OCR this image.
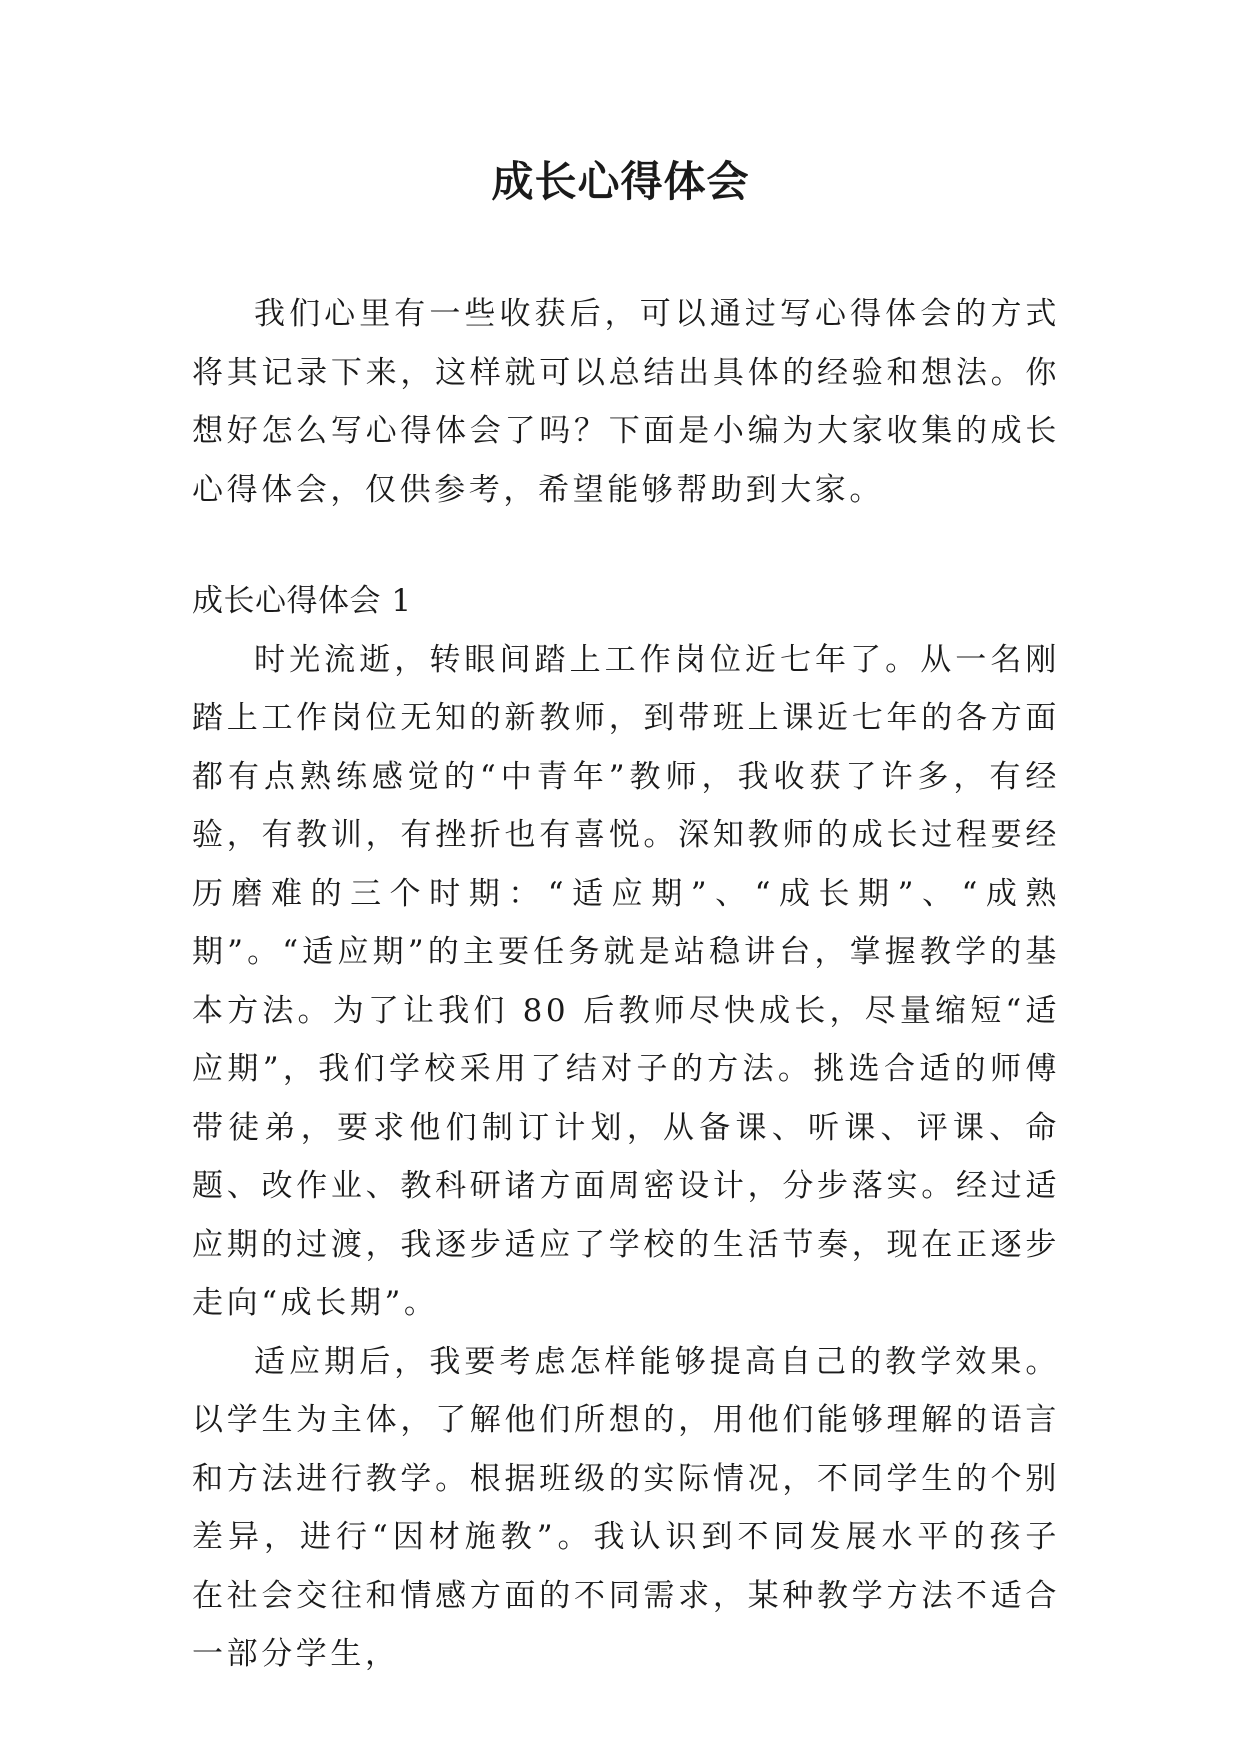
成长心得体会

我们心里有一些收获后，可以通过写心得体会的方式将其记录下来，这样就可以总结出具体的经验和想法。你想好怎么写心得体会了吗？下面是小编为大家收集的成长心得体会，仅供参考，希望能够帮助到大家。

成长心得体会 1

时光流逝，转眼间踏上工作岗位近七年了。从一名刚踏上工作岗位无知的新教师，到带班上课近七年的各方面都有点熟练感觉的“中青年”教师，我收获了许多，有经验，有教训，有挫折也有喜悦。深知教师的成长过程要经历磨难的三个时期：“适应期”、“成长期”、“成熟期”。“适应期”的主要任务就是站稳讲台，掌握教学的基本方法。为了让我们 80 后教师尽快成长，尽量缩短“适应期”，我们学校采用了结对子的方法。挑选合适的师傅带徒弟，要求他们制订计划，从备课、听课、评课、命题、改作业、教科研诸方面周密设计，分步落实。经过适应期的过渡，我逐步适应了学校的生活节奏，现在正逐步走向“成长期”。

适应期后，我要考虑怎样能够提高自己的教学效果。以学生为主体，了解他们所想的，用他们能够理解的语言和方法进行教学。根据班级的实际情况，不同学生的个别差异，进行“因材施教”。我认识到不同发展水平的孩子在社会交往和情感方面的不同需求，某种教学方法不适合一部分学生，
